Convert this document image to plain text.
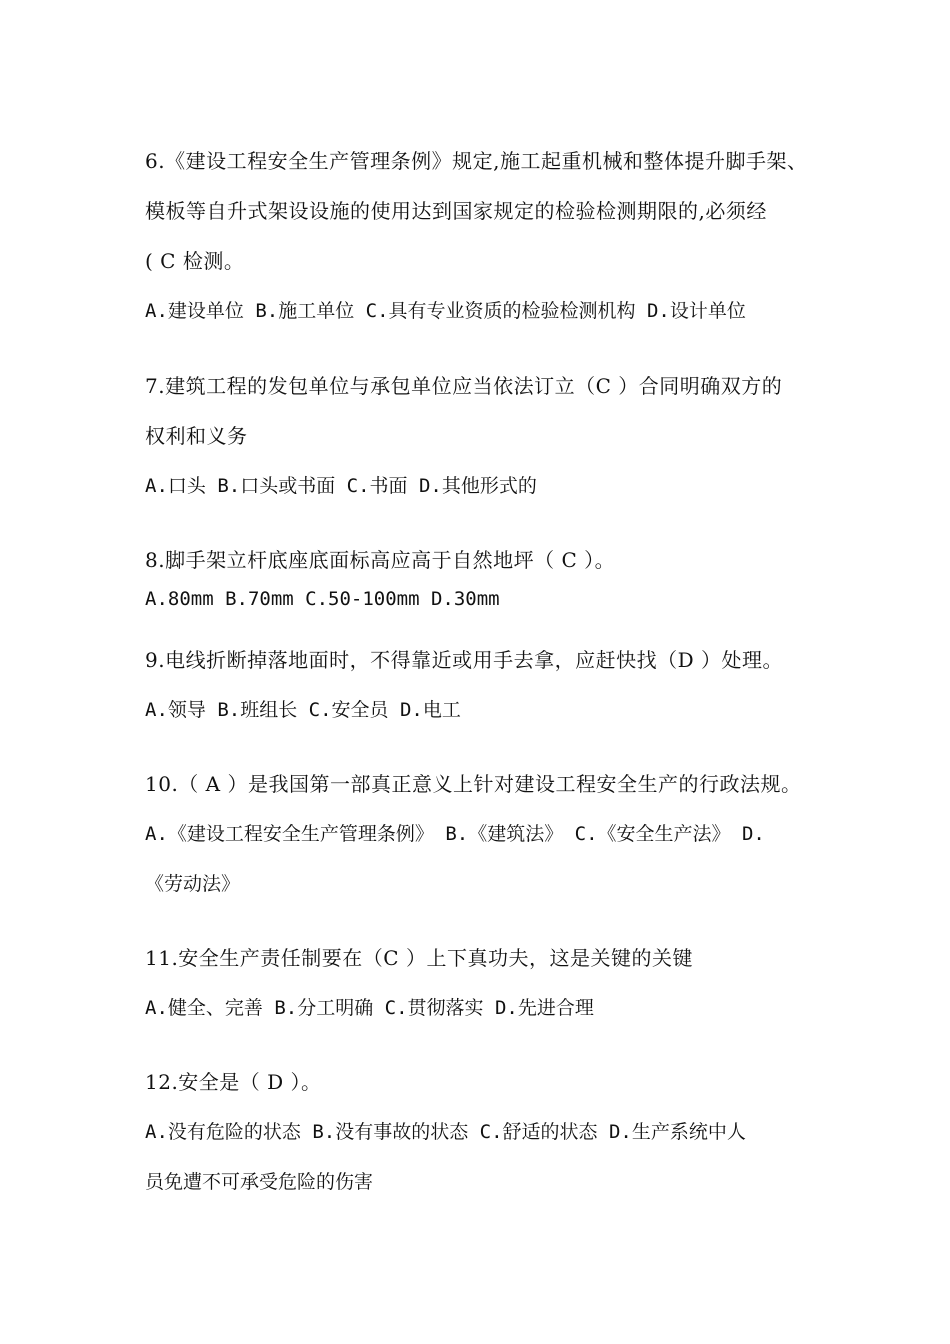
6.《建设工程安全生产管理条例》规定,施工起重机械和整体提升脚手架、
模板等自升式架设设施的使用达到国家规定的检验检测期限的,必须经
( C 检测。
A.建设单位 B.施工单位 C.具有专业资质的检验检测机构 D.设计单位
7.建筑工程的发包单位与承包单位应当依法订立（C ）合同明确双方的
权利和义务
A.口头 B.口头或书面 C.书面 D.其他形式的
8.脚手架立杆底座底面标高应高于自然地坪（ C ）。
A.80mm B.70mm C.50-100mm D.30mm
9.电线折断掉落地面时，不得靠近或用手去拿，应赶快找（D ）处理。
A.领导 B.班组长 C.安全员 D.电工
10.（ A ）是我国第一部真正意义上针对建设工程安全生产的行政法规。
A.《建设工程安全生产管理条例》 B.《建筑法》 C.《安全生产法》 D.
《劳动法》
11.安全生产责任制要在（C ）上下真功夫，这是关键的关键
A.健全、完善 B.分工明确 C.贯彻落实 D.先进合理
12.安全是（ D ）。
A.没有危险的状态 B.没有事故的状态 C.舒适的状态 D.生产系统中人
员免遭不可承受危险的伤害
